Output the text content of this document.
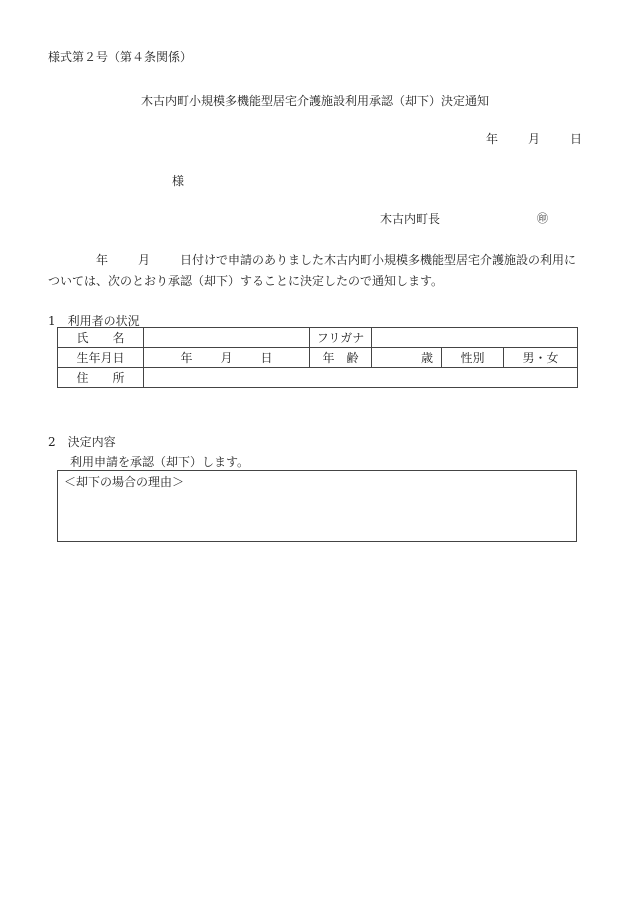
様式第２号（第４条関係）
木古内町小規模多機能型居宅介護施設利用承認（却下）決定通知
年	月	日
様
木古内町長	㊞
年	月	日付けで申請のありました木古内町小規模多機能型居宅介護施設の利用に
ついては、次のとおり承認（却下）することに決定したので通知します。
1　利用者の状況
氏　　名		フリガナ			
生年月日	年 月 日	年　齢	歳	性別	男・女
住　　所					
2　決定内容
利用申請を承認（却下）します。
＜却下の場合の理由＞
